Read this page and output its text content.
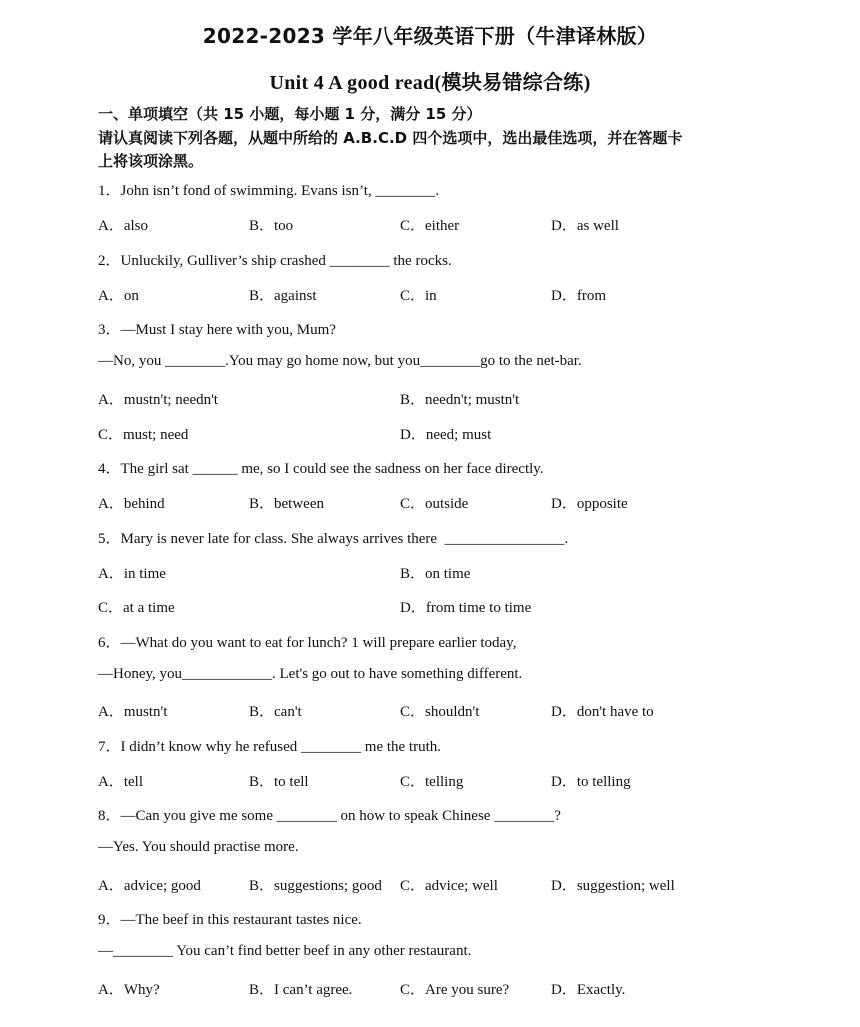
2022-2023 学年八年级英语下册（牛津译林版）
Unit 4 A good read(模块易错综合练)
一、单项填空（共 15 小题，每小题 1 分，满分 15 分）
请认真阅读下列各题，从题中所给的 A.B.C.D 四个选项中，选出最佳选项，并在答题卡
上将该项涂黑。
1．John isn’t fond of swimming. Evans isn’t, ________.
A．also	B．too	C．either	D．as well
2．Unluckily, Gulliver’s ship crashed ________ the rocks.
A．on	B．against	C．in	D．from
3．—Must I stay here with you, Mum?
—No, you ________.You may go home now, but you________go to the net-bar.
A．mustn't; needn't	B．needn't; mustn't
C．must; need	D．need; must
4．The girl sat ______ me, so I could see the sadness on her face directly.
A．behind	B．between	C．outside	D．opposite
5．Mary is never late for class. She always arrives there ________________.
A．in time	B．on time
C．at a time	D．from time to time
6．—What do you want to eat for lunch? 1 will prepare earlier today,
—Honey, you____________. Let's go out to have something different.
A．mustn't	B．can't	C．shouldn't	D．don't have to
7．I didn’t know why he refused ________ me the truth.
A．tell	B．to tell	C．telling	D．to telling
8．—Can you give me some ________ on how to speak Chinese ________?
—Yes. You should practise more.
A．advice; good	B．suggestions; good C．advice; well	D．suggestion; well
9．—The beef in this restaurant tastes nice.
—________ You can’t find better beef in any other restaurant.
A．Why?	B．I can’t agree.	C．Are you sure?	D．Exactly.
